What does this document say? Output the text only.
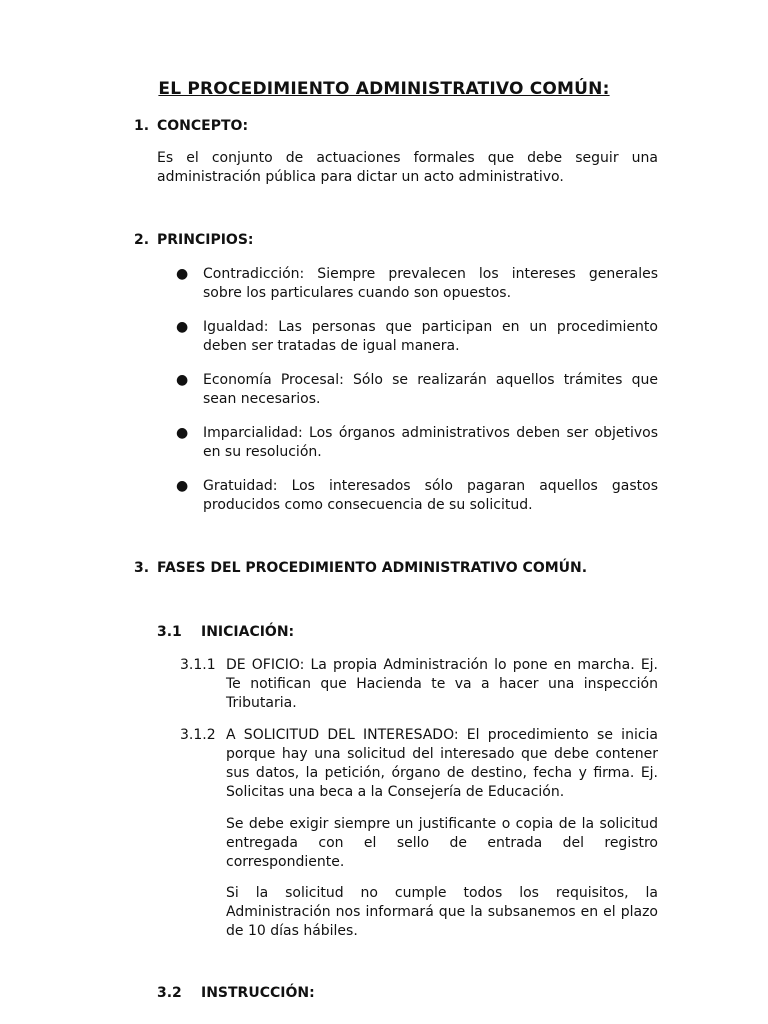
EL PROCEDIMIENTO ADMINISTRATIVO COMÚN:
1. CONCEPTO:
Es el conjunto de actuaciones formales que debe seguir una administración pública para dictar un acto administrativo.
2. PRINCIPIOS:
● Contradicción: Siempre prevalecen los intereses generales sobre los particulares cuando son opuestos.
● Igualdad: Las personas que participan en un procedimiento deben ser tratadas de igual manera.
● Economía Procesal: Sólo se realizarán aquellos trámites que sean necesarios.
● Imparcialidad: Los órganos administrativos deben ser objetivos en su resolución.
● Gratuidad: Los interesados sólo pagaran aquellos gastos producidos como consecuencia de su solicitud.
3. FASES DEL PROCEDIMIENTO ADMINISTRATIVO COMÚN.
3.1 INICIACIÓN:
3.1.1 DE OFICIO: La propia Administración lo pone en marcha. Ej. Te notifican que Hacienda te va a hacer una inspección Tributaria.
3.1.2 A SOLICITUD DEL INTERESADO: El procedimiento se inicia porque hay una solicitud del interesado que debe contener sus datos, la petición, órgano de destino, fecha y firma. Ej. Solicitas una beca a la Consejería de Educación.
Se debe exigir siempre un justificante o copia de la solicitud entregada con el sello de entrada del registro correspondiente.
Si la solicitud no cumple todos los requisitos, la Administración nos informará que la subsanemos en el plazo de 10 días hábiles.
3.2 INSTRUCCIÓN:
